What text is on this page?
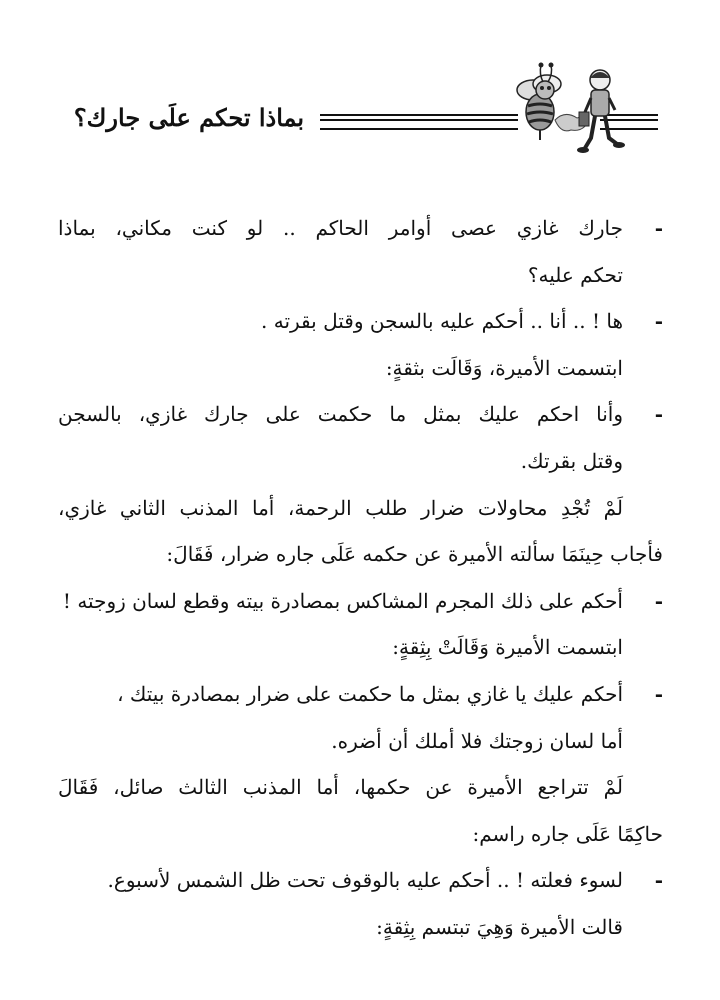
بماذا تحكم علَى جارك؟
-
جارك غازي عصى أوامر الحاكم .. لو كنت مكاني، بماذا
تحكم عليه؟
-
ها ! .. أنا .. أحكم عليه بالسجن وقتل بقرته .
ابتسمت الأميرة، وَقَالَت بثقةٍ:
-
وأنا احكم عليك بمثل ما حكمت على جارك غازي، بالسجن
وقتل بقرتك.
لَمْ تُجْدِ محاولات ضرار طلب الرحمة، أما المذنب الثاني غازي،
فأجاب حِينَمَا سألته الأميرة عن حكمه عَلَى جاره ضرار، فَقَالَ:
-
أحكم على ذلك المجرم المشاكس بمصادرة بيته وقطع لسان زوجته !
ابتسمت الأميرة وَقَالَتْ بِثِقةٍ:
-
أحكم عليك يا غازي بمثل ما حكمت على ضرار بمصادرة بيتك ،
أما لسان زوجتك فلا أملك أن أضره.
لَمْ تتراجع الأميرة عن حكمها، أما المذنب الثالث صائل، فَقَالَ
حاكِمًا عَلَى جاره راسم:
-
لسوء فعلته ! .. أحكم عليه بالوقوف تحت ظل الشمس لأسبوع.
قالت الأميرة وَهِيَ تبتسم بِثِقةٍ:
